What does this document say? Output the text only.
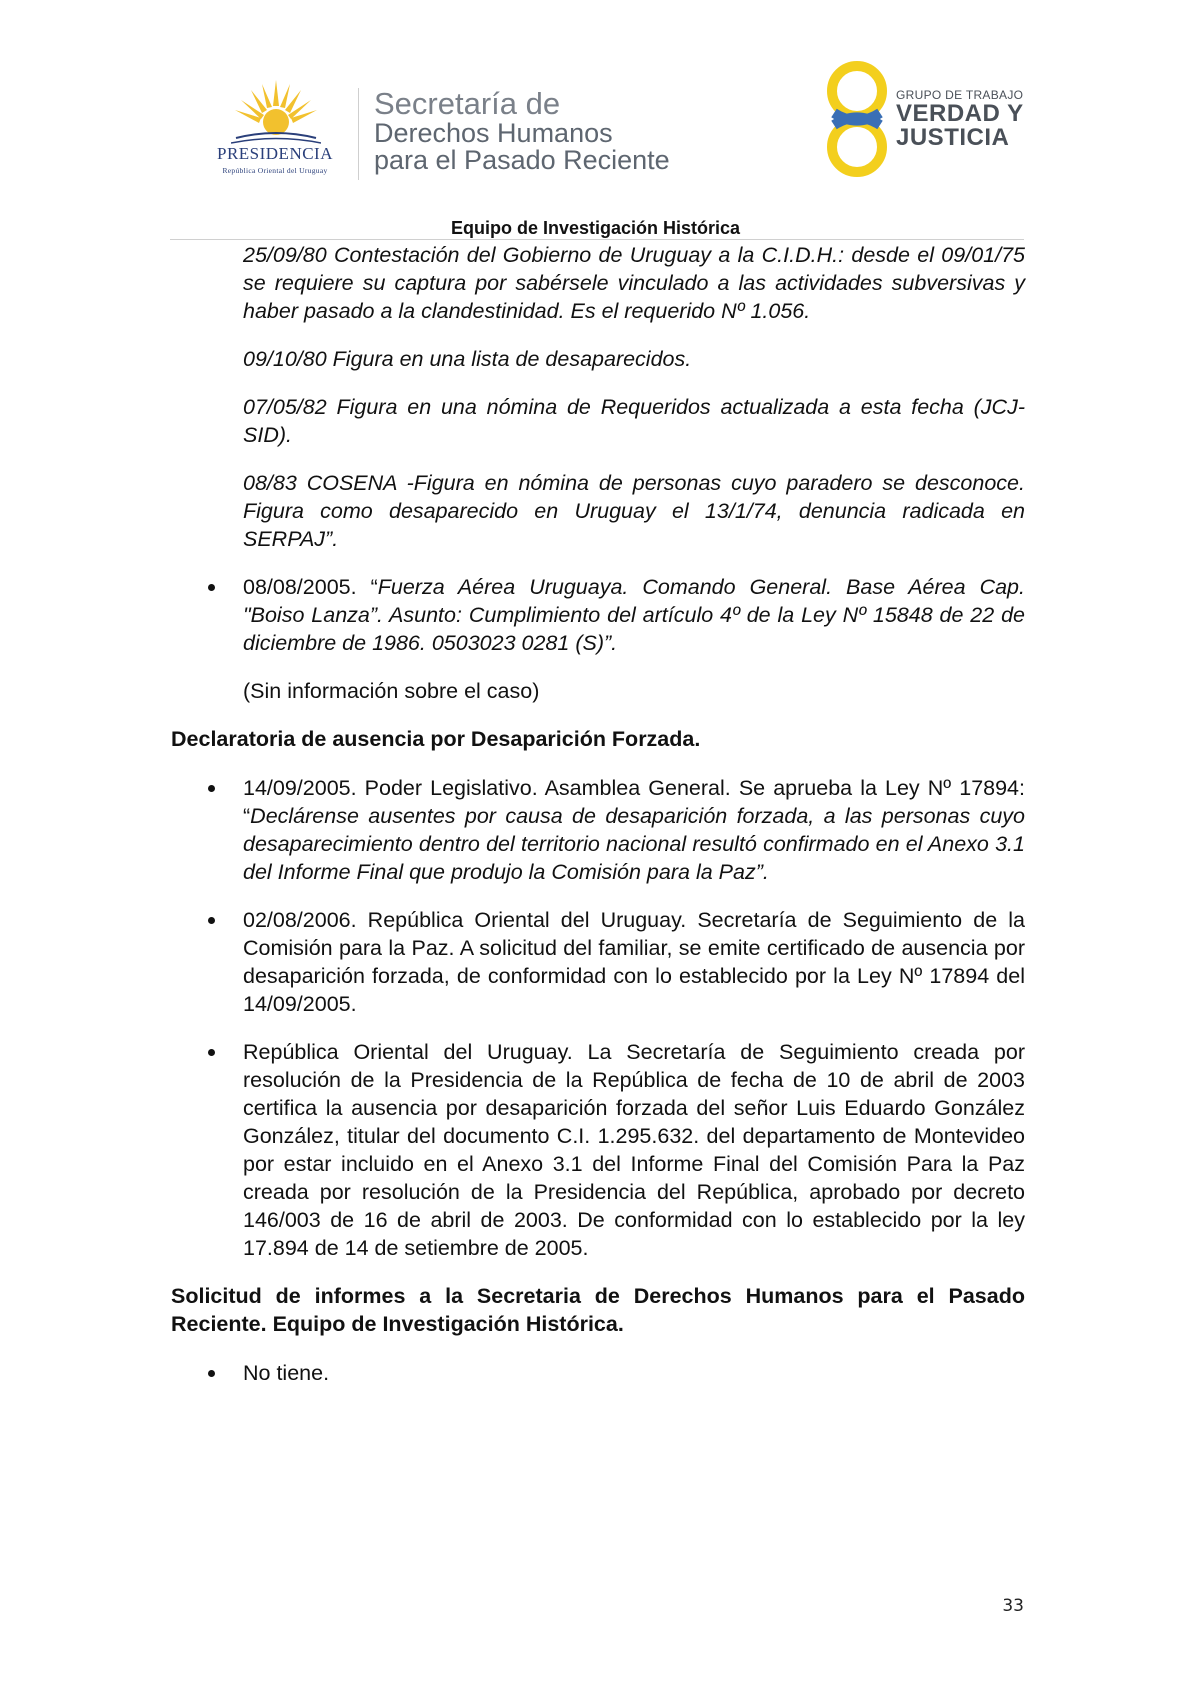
PRESIDENCIA
República Oriental del Uruguay
Secretaría de
Derechos Humanos
para el Pasado Reciente
GRUPO DE TRABAJO
VERDAD Y
JUSTICIA
Equipo de Investigación Histórica

25/09/80 Contestación del Gobierno de Uruguay a la C.I.D.H.: desde el 09/01/75 se requiere su captura por sabérsele vinculado a las actividades subversivas y haber pasado a la clandestinidad. Es el requerido Nº 1.056.

09/10/80 Figura en una lista de desaparecidos.

07/05/82 Figura en una nómina de Requeridos actualizada a esta fecha (JCJ-SID).

08/83 COSENA -Figura en nómina de personas cuyo paradero se desconoce. Figura como desaparecido en Uruguay el 13/1/74, denuncia radicada en SERPAJ”.

08/08/2005. “Fuerza Aérea Uruguaya. Comando General. Base Aérea Cap. "Boiso Lanza”. Asunto: Cumplimiento del artículo 4º de la Ley Nº 15848 de 22 de diciembre de 1986. 0503023 0281 (S)”.

(Sin información sobre el caso)

Declaratoria de ausencia por Desaparición Forzada.

14/09/2005. Poder Legislativo. Asamblea General. Se aprueba la Ley Nº 17894: “Declárense ausentes por causa de desaparición forzada, a las personas cuyo desaparecimiento dentro del territorio nacional resultó confirmado en el Anexo 3.1 del Informe Final que produjo la Comisión para la Paz”.

02/08/2006. República Oriental del Uruguay. Secretaría de Seguimiento de la Comisión para la Paz. A solicitud del familiar, se emite certificado de ausencia por desaparición forzada, de conformidad con lo establecido por la Ley Nº 17894 del 14/09/2005.

República Oriental del Uruguay. La Secretaría de Seguimiento creada por resolución de la Presidencia de la República de fecha de 10 de abril de 2003 certifica la ausencia por desaparición forzada del señor Luis Eduardo González González, titular del documento C.I. 1.295.632. del departamento de Montevideo por estar incluido en el Anexo 3.1 del Informe Final del Comisión Para la Paz creada por resolución de la Presidencia del República, aprobado por decreto 146/003 de 16 de abril de 2003. De conformidad con lo establecido por la ley 17.894 de 14 de setiembre de 2005.

Solicitud de informes a la Secretaria de Derechos Humanos para el Pasado Reciente. Equipo de Investigación Histórica.

No tiene.

33
